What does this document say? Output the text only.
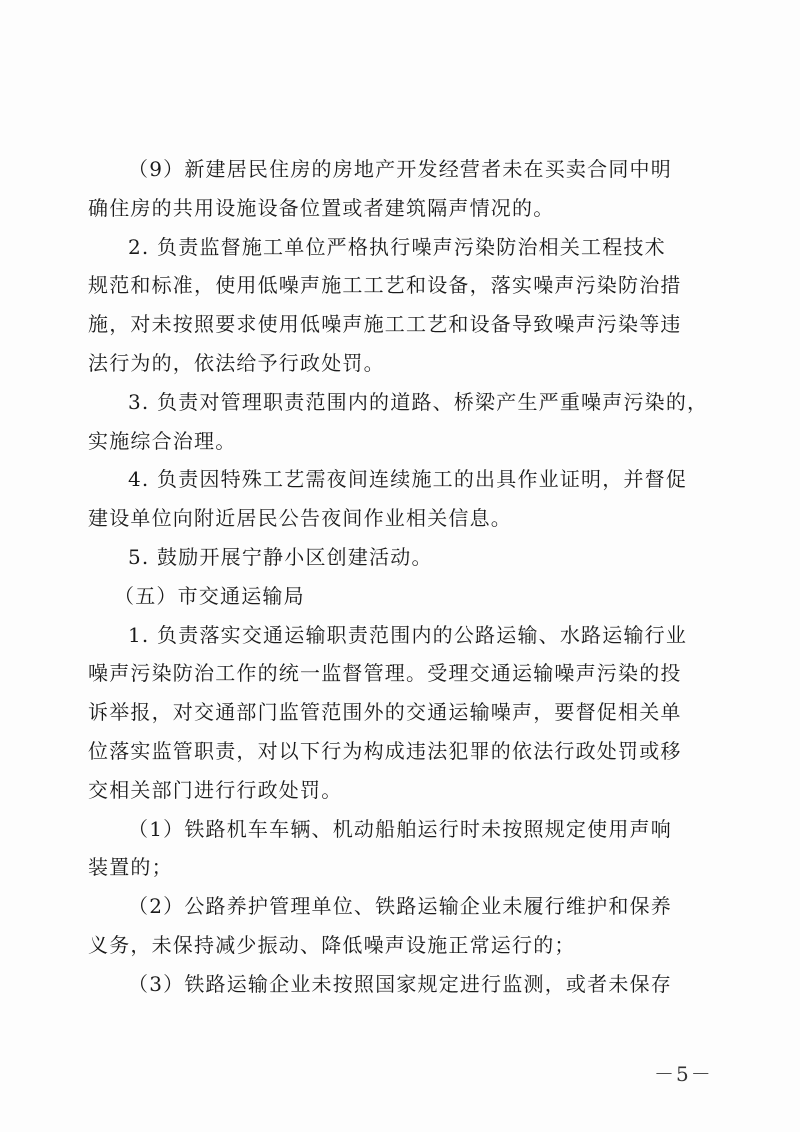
（9）新建居民住房的房地产开发经营者未在买卖合同中明
确住房的共用设施设备位置或者建筑隔声情况的。

2. 负责监督施工单位严格执行噪声污染防治相关工程技术
规范和标准，使用低噪声施工工艺和设备，落实噪声污染防治措
施，对未按照要求使用低噪声施工工艺和设备导致噪声污染等违
法行为的，依法给予行政处罚。

3. 负责对管理职责范围内的道路、桥梁产生严重噪声污染的，
实施综合治理。

4. 负责因特殊工艺需夜间连续施工的出具作业证明，并督促
建设单位向附近居民公告夜间作业相关信息。

5. 鼓励开展宁静小区创建活动。

（五）市交通运输局

1. 负责落实交通运输职责范围内的公路运输、水路运输行业
噪声污染防治工作的统一监督管理。受理交通运输噪声污染的投
诉举报，对交通部门监管范围外的交通运输噪声，要督促相关单
位落实监管职责，对以下行为构成违法犯罪的依法行政处罚或移
交相关部门进行行政处罚。

（1）铁路机车车辆、机动船舶运行时未按照规定使用声响
装置的；

（2）公路养护管理单位、铁路运输企业未履行维护和保养
义务，未保持减少振动、降低噪声设施正常运行的；

（3）铁路运输企业未按照国家规定进行监测，或者未保存

－5－
